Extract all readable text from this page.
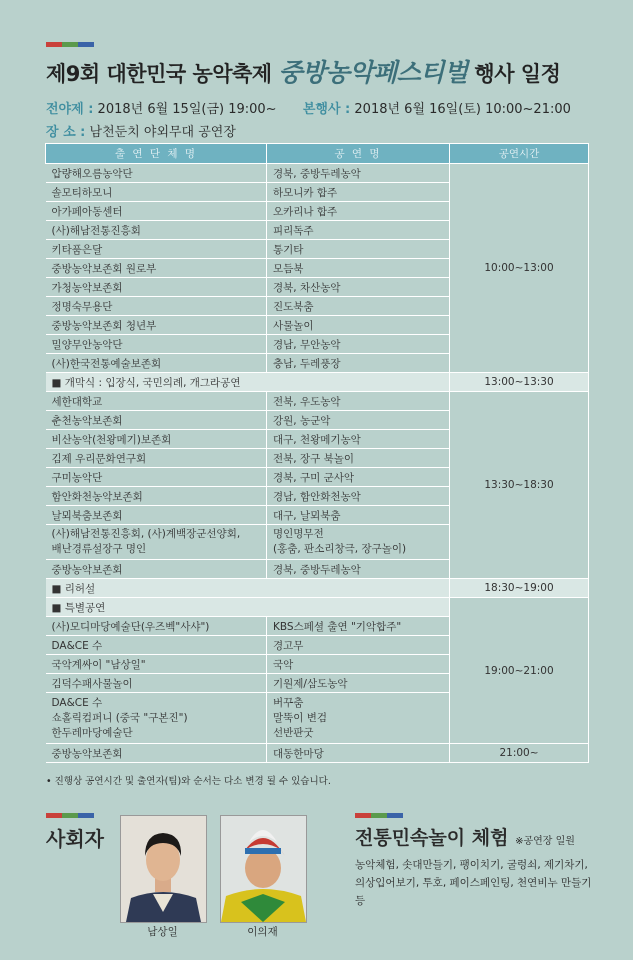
제9회 대한민국 농악축제 중방농악페스티벌 행사 일정
전야제 : 2018년 6월 15일(금) 19:00~ 본행사 : 2018년 6월 16일(토) 10:00~21:00
장 소 : 남천둔치 야외무대 공연장
출 연 단 체 명	공 연 명	공연시간
압량해오름농악단	경북, 중방두레농악	10:00~13:00
솔모티하모니	하모니카 합주	
아가페아동센터	오카리나 합주	
(사)해남전통진흥회	피리독주	
키타품은달	통기타	
중방농악보존회 원로부	모듬북	
가청농악보존회	경북, 차산농악	
정명숙무용단	진도북춤	
중방농악보존회 청년부	사물놀이	
밀양무안농악단	경남, 무안농악	
(사)한국전통예술보존회	충남, 두레풍장	
■ 개막식 : 입장식, 국민의례, 개그라공연		13:00~13:30
세한대학교	전북, 우도농악	13:30~18:30
춘천농악보존회	강원, 농군악	
비산농악(천왕메기)보존회	대구, 천왕메기농악	
김제 우리문화연구회	전북, 장구 북놀이	
구미농악단	경북, 구미 군사악	
함안화천농악보존회	경남, 함안화천농악	
날뫼북춤보존회	대구, 날뫼북춤	
(사)해남전통진흥회, (사)계백장군선양회,
배난경류설장구 명인	명인명무전
(홍춤, 판소리창극, 장구놀이)	
중방농악보존회	경북, 중방두레농악	
■ 리허설		18:30~19:00
■ 특별공연		19:00~21:00
(사)모디마당예술단(우즈벡"사샤")	KBS스페셜 출연 "기악합주"	
DA&CE 수	경고무	
국악계싸이 "남상일"	국악	
김덕수패사물놀이	기원제/삼도농악	
DA&CE 수
쇼홀릭컴퍼니 (중국 "구본진")
한두레마당예술단	버꾸춤
말뚝이 변검
선반판굿	
중방농악보존회	대동한마당	21:00~
• 진행상 공연시간 및 출연자(팀)와 순서는 다소 변경 될 수 있습니다.
사회자
남상일	이의재
전통민속놀이 체험 ※공연장 일원
농악체험, 솟대만들기, 팽이치기, 굴렁쇠, 제기차기, 의상입어보기, 투호, 페이스페인팅, 천연비누 만들기 등
